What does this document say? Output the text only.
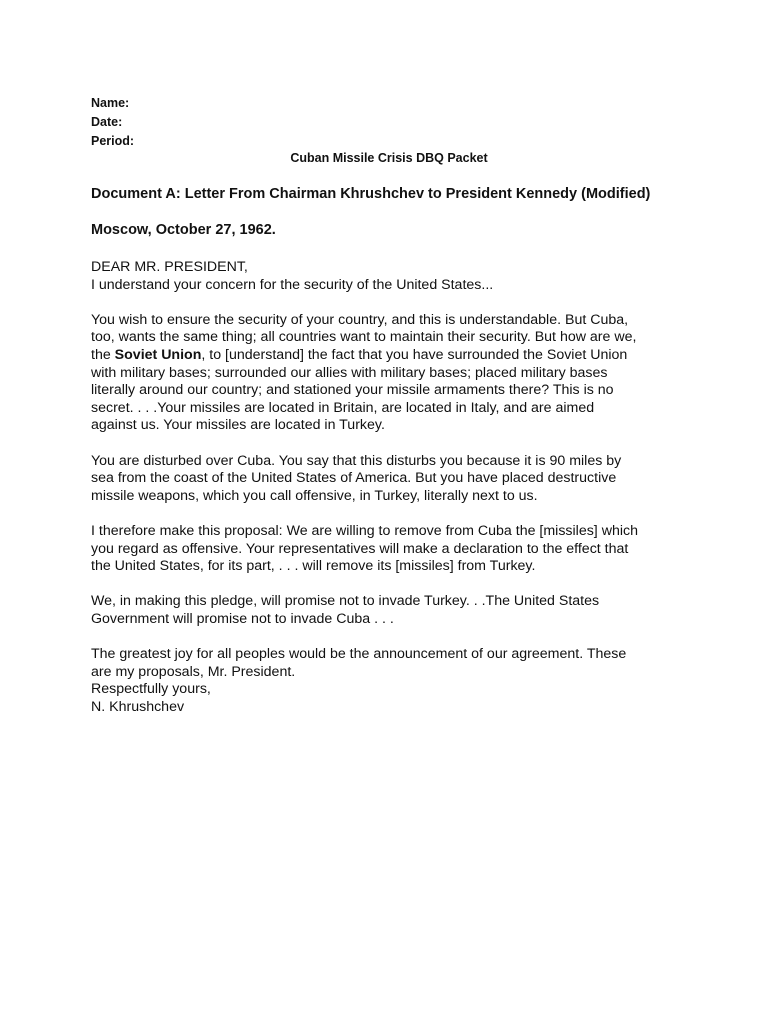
Name:
Date:
Period:
Cuban Missile Crisis DBQ Packet
Document A: Letter From Chairman Khrushchev to President Kennedy (Modified)
Moscow, October 27, 1962.

DEAR MR. PRESIDENT,
I understand your concern for the security of the United States...

You wish to ensure the security of your country, and this is understandable. But Cuba,
too, wants the same thing; all countries want to maintain their security. But how are we,
the Soviet Union, to [understand] the fact that you have surrounded the Soviet Union
with military bases; surrounded our allies with military bases; placed military bases
literally around our country; and stationed your missile armaments there? This is no
secret. . . .Your missiles are located in Britain, are located in Italy, and are aimed
against us. Your missiles are located in Turkey.

You are disturbed over Cuba. You say that this disturbs you because it is 90 miles by
sea from the coast of the United States of America. But you have placed destructive
missile weapons, which you call offensive, in Turkey, literally next to us.

I therefore make this proposal: We are willing to remove from Cuba the [missiles] which
you regard as offensive. Your representatives will make a declaration to the effect that
the United States, for its part, . . . will remove its [missiles] from Turkey.

We, in making this pledge, will promise not to invade Turkey. . .The United States
Government will promise not to invade Cuba . . .

The greatest joy for all peoples would be the announcement of our agreement. These
are my proposals, Mr. President.
Respectfully yours,
N. Khrushchev
